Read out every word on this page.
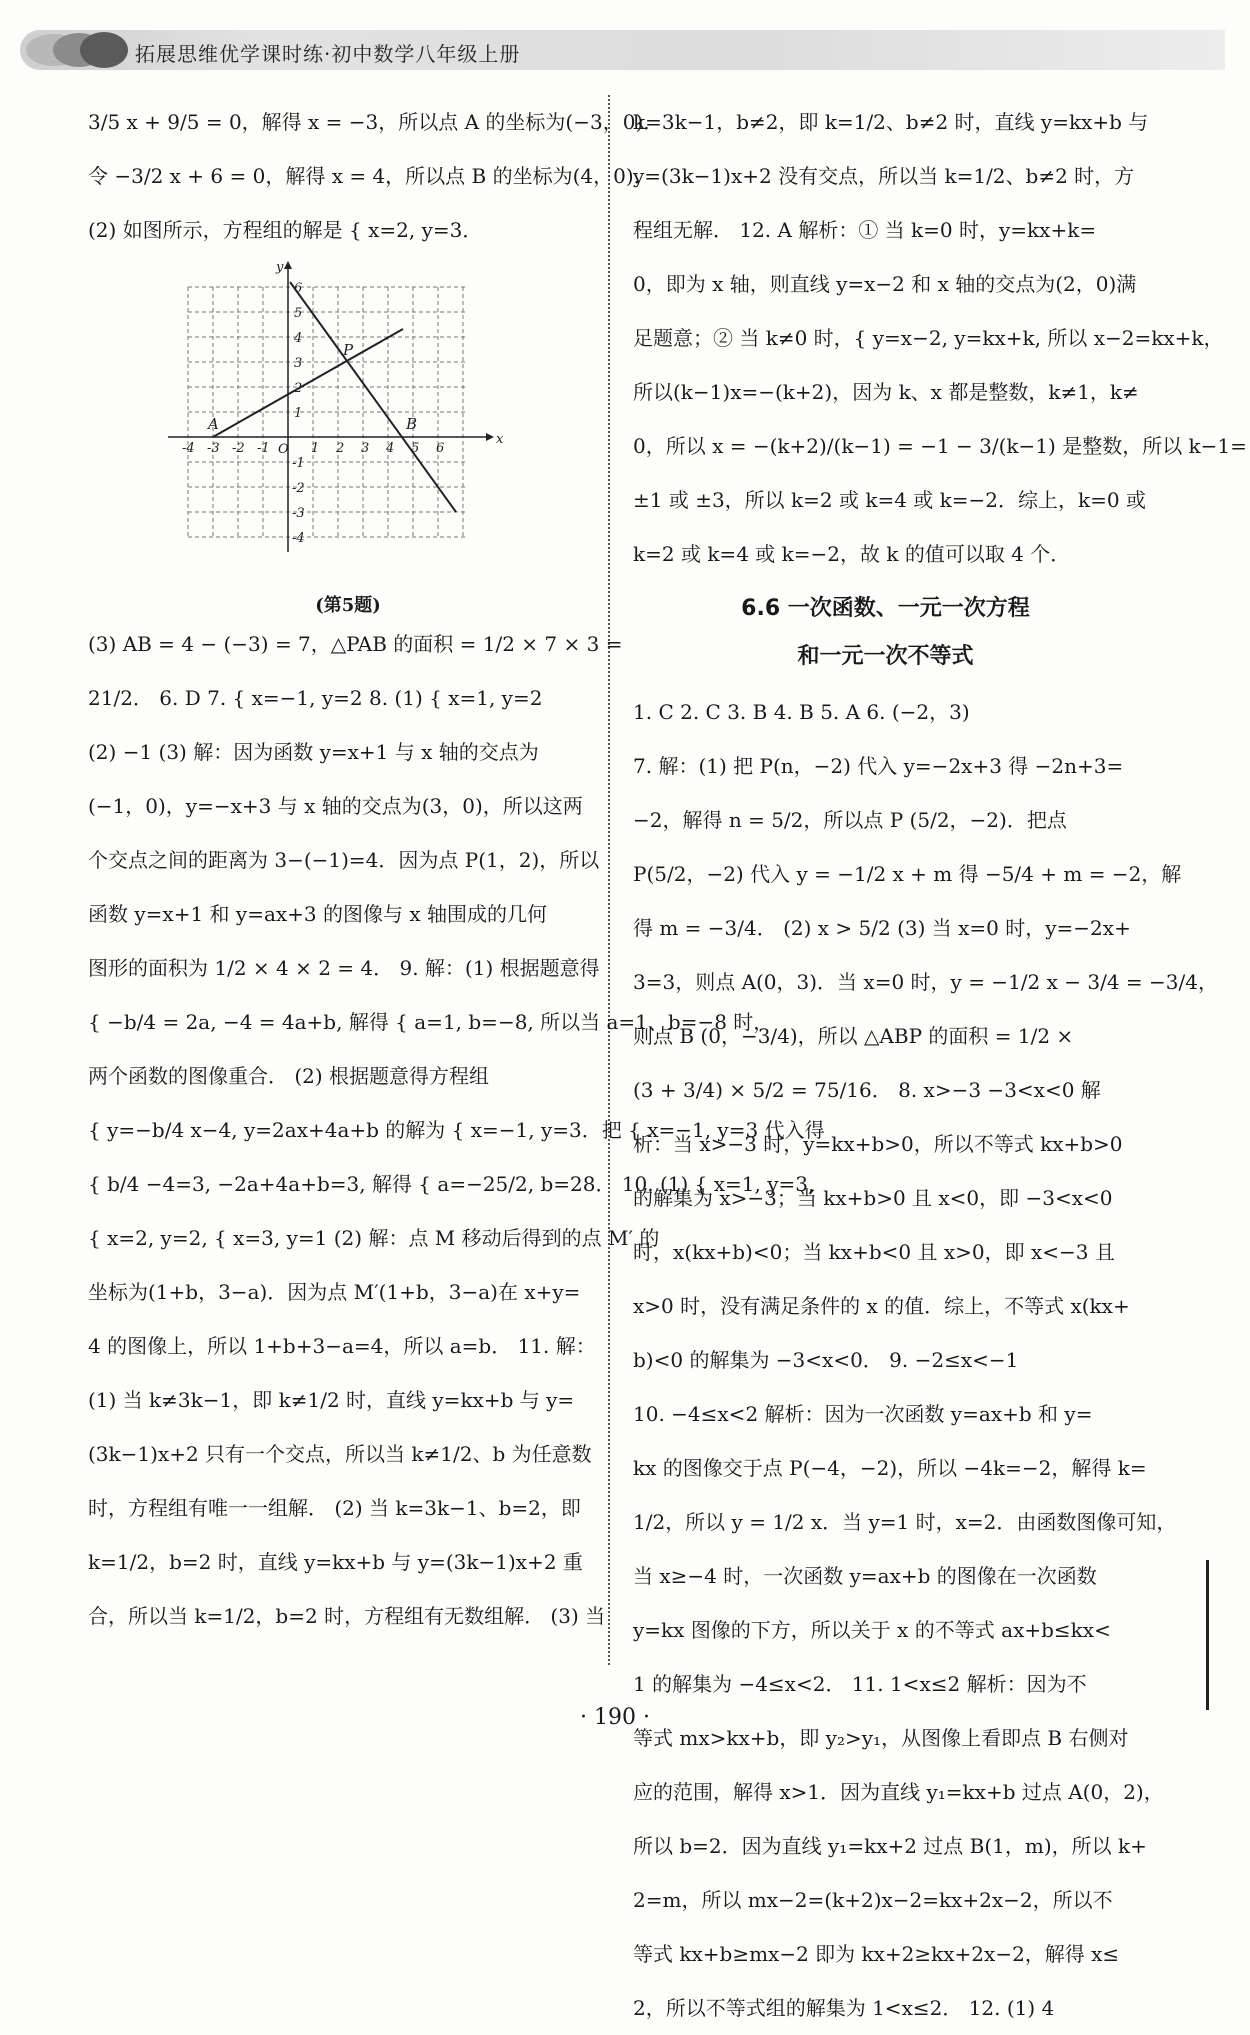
拓展思维优学课时练·初中数学八年级上册

3/5 x + 9/5 = 0，解得 x = −3，所以点 A 的坐标为(−3，0)．

令 −3/2 x + 6 = 0，解得 x = 4，所以点 B 的坐标为(4，0)．

(2) 如图所示，方程组的解是 { x=2, y=3．

-4 -3 -2 -1 O 1 2 3 4 5 6
6
5
4
3
2
1
-1
-2
-3
-4
x
y
A	B
P
(第5题)

(3) AB = 4 − (−3) = 7，△PAB 的面积 = 1/2 × 7 × 3 =

21/2． 6. D 7. { x=−1, y=2 8. (1) { x=1, y=2

(2) −1 (3) 解：因为函数 y=x+1 与 x 轴的交点为

(−1，0)，y=−x+3 与 x 轴的交点为(3，0)，所以这两

个交点之间的距离为 3−(−1)=4．因为点 P(1，2)，所以

函数 y=x+1 和 y=ax+3 的图像与 x 轴围成的几何

图形的面积为 1/2 × 4 × 2 = 4． 9. 解：(1) 根据题意得

{ −b/4 = 2a, −4 = 4a+b, 解得 { a=1, b=−8, 所以当 a=1、b=−8 时，

两个函数的图像重合． (2) 根据题意得方程组

{ y=−b/4 x−4, y=2ax+4a+b 的解为 { x=−1, y=3．把 { x=−1, y=3 代入得

{ b/4 −4=3, −2a+4a+b=3, 解得 { a=−25/2, b=28． 10. (1) { x=1, y=3,

{ x=2, y=2, { x=3, y=1 (2) 解：点 M 移动后得到的点 M′ 的

坐标为(1+b，3−a)．因为点 M′(1+b，3−a)在 x+y=

4 的图像上，所以 1+b+3−a=4，所以 a=b． 11. 解：

(1) 当 k≠3k−1，即 k≠1/2 时，直线 y=kx+b 与 y=

(3k−1)x+2 只有一个交点，所以当 k≠1/2、b 为任意数

时，方程组有唯一一组解． (2) 当 k=3k−1、b=2，即

k=1/2，b=2 时，直线 y=kx+b 与 y=(3k−1)x+2 重

合，所以当 k=1/2，b=2 时，方程组有无数组解． (3) 当

k=3k−1，b≠2，即 k=1/2、b≠2 时，直线 y=kx+b 与

y=(3k−1)x+2 没有交点，所以当 k=1/2、b≠2 时，方

程组无解． 12. A 解析：① 当 k=0 时，y=kx+k=

0，即为 x 轴，则直线 y=x−2 和 x 轴的交点为(2，0)满

足题意；② 当 k≠0 时，{ y=x−2, y=kx+k, 所以 x−2=kx+k，

所以(k−1)x=−(k+2)，因为 k、x 都是整数，k≠1，k≠

0，所以 x = −(k+2)/(k−1) = −1 − 3/(k−1) 是整数，所以 k−1=

±1 或 ±3，所以 k=2 或 k=4 或 k=−2．综上，k=0 或

k=2 或 k=4 或 k=−2，故 k 的值可以取 4 个．

6.6 一次函数、一元一次方程
和一元一次不等式

1. C 2. C 3. B 4. B 5. A 6. (−2，3)

7. 解：(1) 把 P(n，−2) 代入 y=−2x+3 得 −2n+3=

−2，解得 n = 5/2，所以点 P (5/2，−2)．把点

P(5/2，−2) 代入 y = −1/2 x + m 得 −5/4 + m = −2，解

得 m = −3/4． (2) x > 5/2 (3) 当 x=0 时，y=−2x+

3=3，则点 A(0，3)．当 x=0 时，y = −1/2 x − 3/4 = −3/4，

则点 B (0，−3/4)，所以 △ABP 的面积 = 1/2 ×

(3 + 3/4) × 5/2 = 75/16． 8. x>−3 −3<x<0 解

析：当 x>−3 时，y=kx+b>0，所以不等式 kx+b>0

的解集为 x>−3；当 kx+b>0 且 x<0，即 −3<x<0

时，x(kx+b)<0；当 kx+b<0 且 x>0，即 x<−3 且

x>0 时，没有满足条件的 x 的值．综上，不等式 x(kx+

b)<0 的解集为 −3<x<0． 9. −2≤x<−1

10. −4≤x<2 解析：因为一次函数 y=ax+b 和 y=

kx 的图像交于点 P(−4，−2)，所以 −4k=−2，解得 k=

1/2，所以 y = 1/2 x．当 y=1 时，x=2．由函数图像可知，

当 x≥−4 时，一次函数 y=ax+b 的图像在一次函数

y=kx 图像的下方，所以关于 x 的不等式 ax+b≤kx<

1 的解集为 −4≤x<2． 11. 1<x≤2 解析：因为不

等式 mx>kx+b，即 y₂>y₁，从图像上看即点 B 右侧对

应的范围，解得 x>1．因为直线 y₁=kx+b 过点 A(0，2)，

所以 b=2．因为直线 y₁=kx+2 过点 B(1，m)，所以 k+

2=m，所以 mx−2=(k+2)x−2=kx+2x−2，所以不

等式 kx+b≥mx−2 即为 kx+2≥kx+2x−2，解得 x≤

2，所以不等式组的解集为 1<x≤2． 12. (1) 4

· 190 ·
